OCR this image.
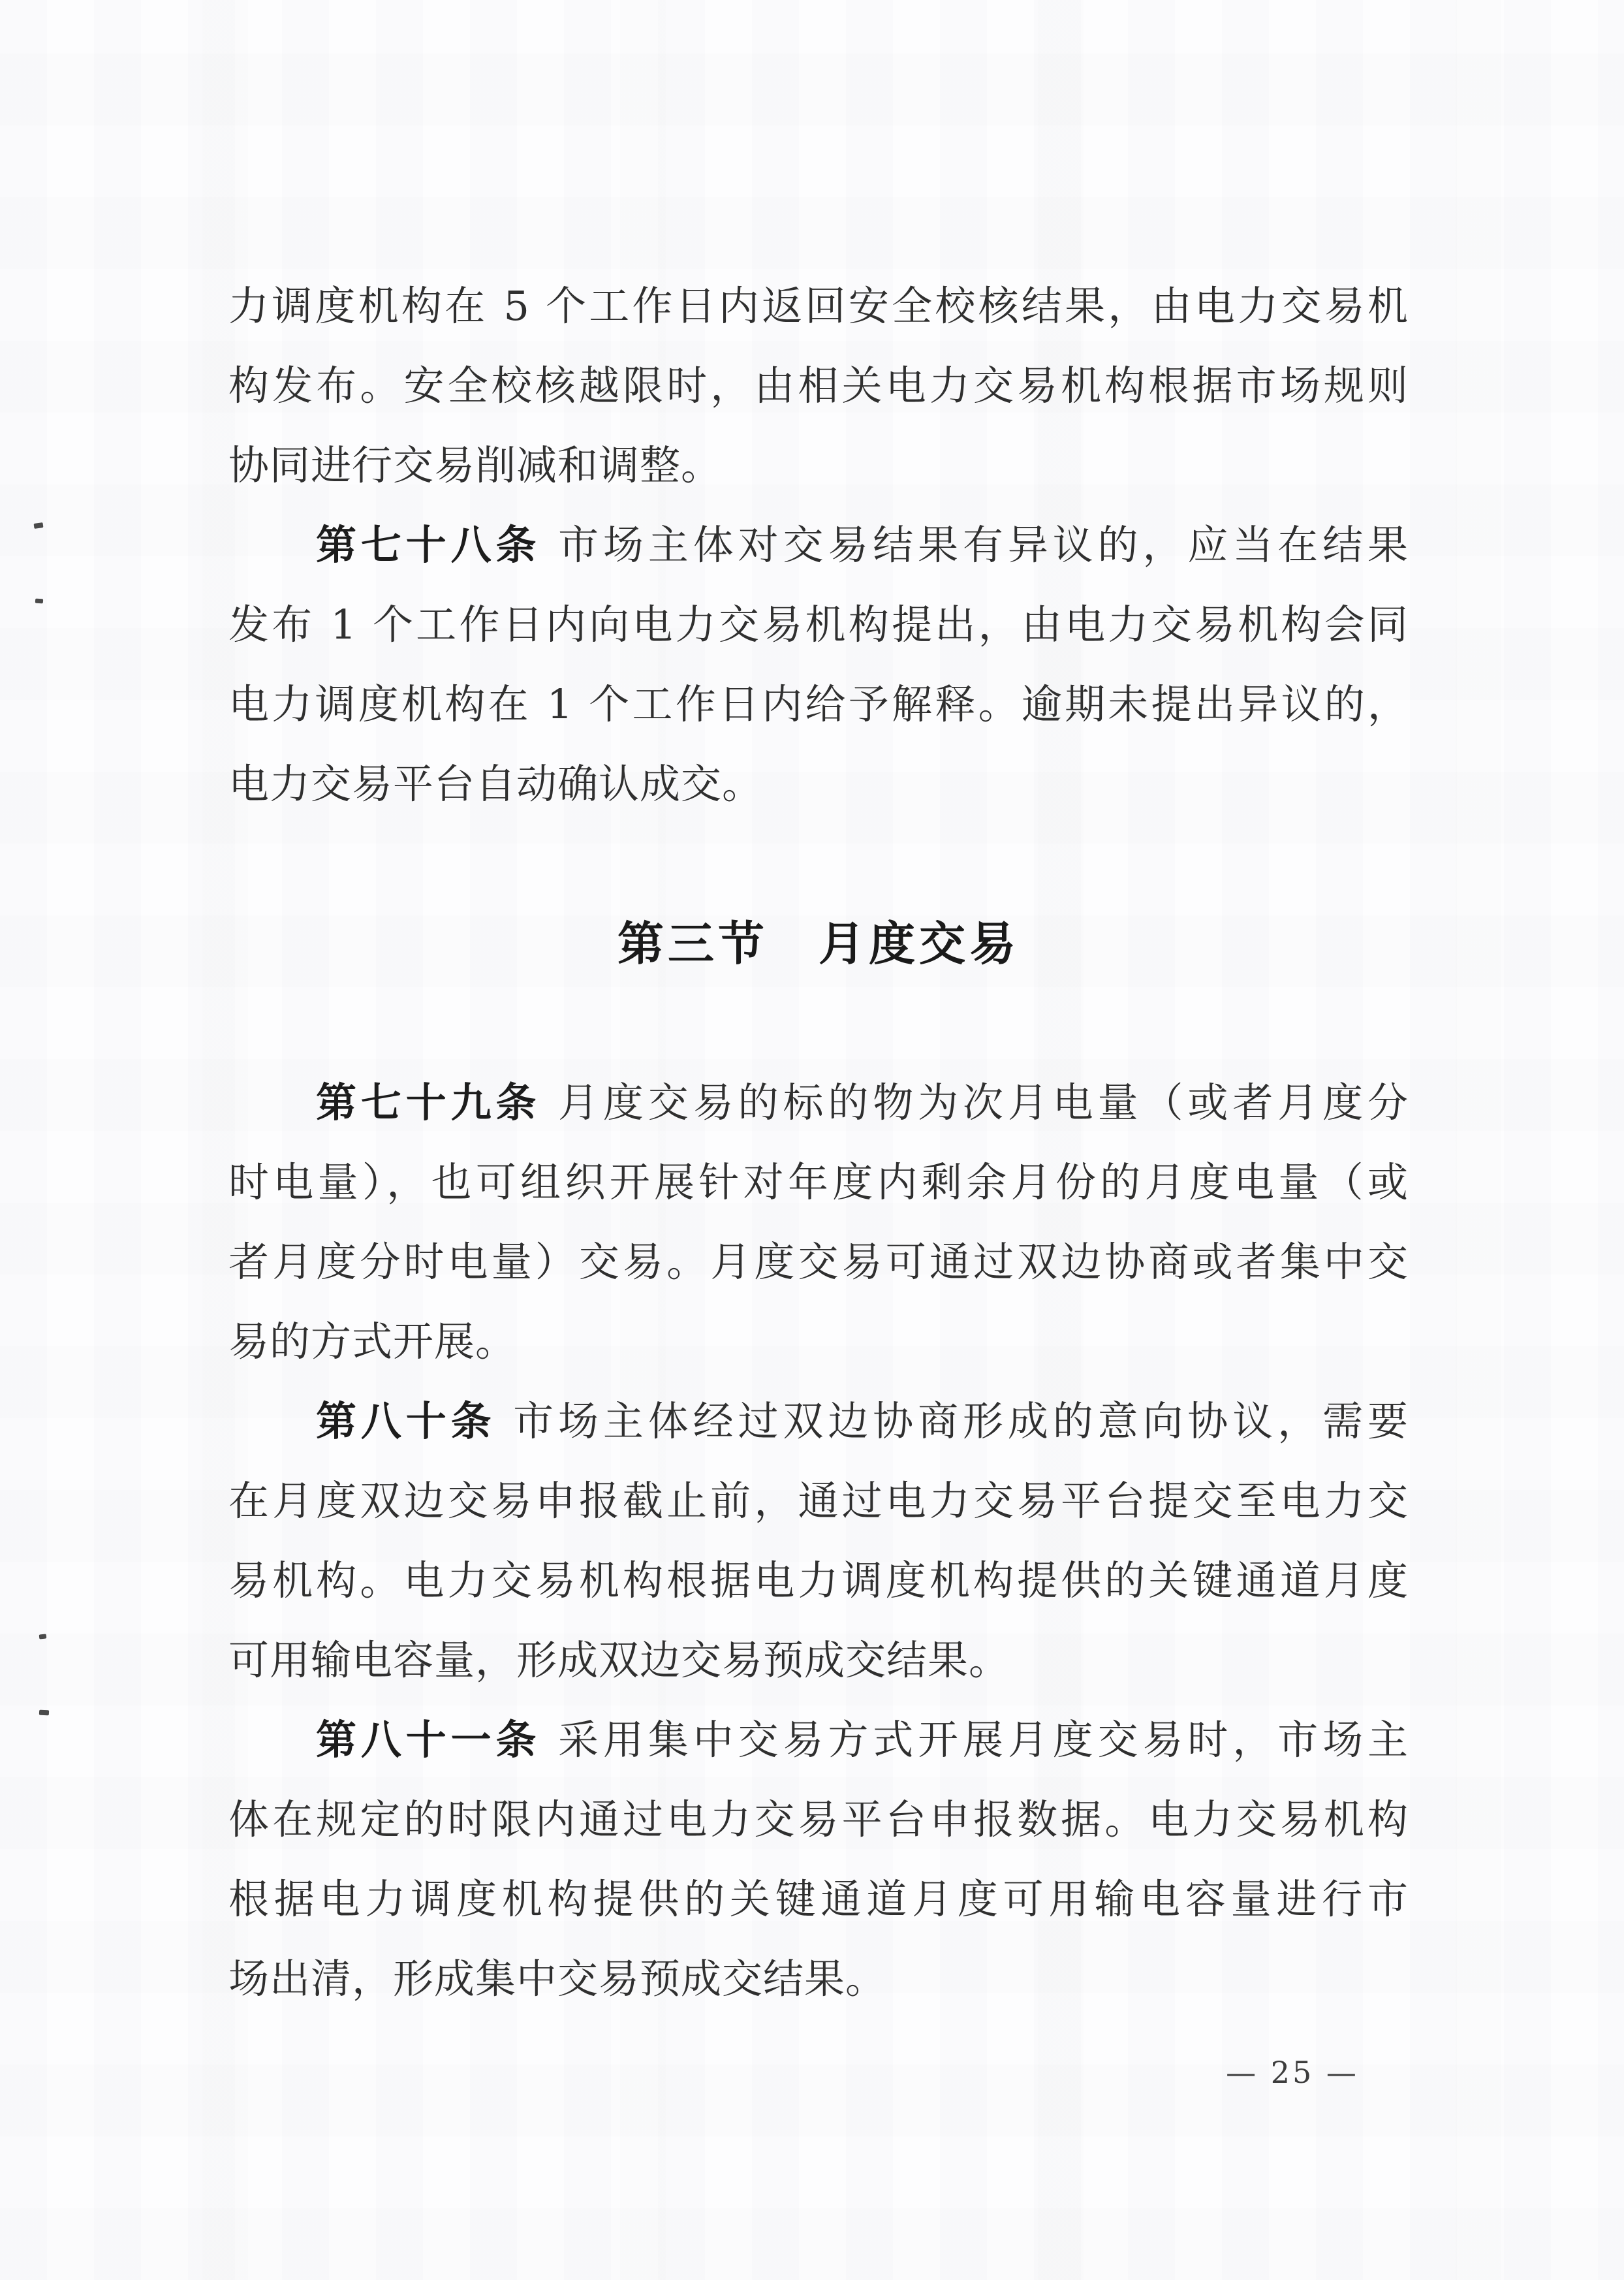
力调度机构在 5 个工作日内返回安全校核结果，由电力交易机
构发布。安全校核越限时，由相关电力交易机构根据市场规则
协同进行交易削减和调整。
第七十八条 市场主体对交易结果有异议的，应当在结果
发布 1 个工作日内向电力交易机构提出，由电力交易机构会同
电力调度机构在 1 个工作日内给予解释。逾期未提出异议的，
电力交易平台自动确认成交。
第三节　月度交易
第七十九条 月度交易的标的物为次月电量（或者月度分
时电量），也可组织开展针对年度内剩余月份的月度电量（或
者月度分时电量）交易。月度交易可通过双边协商或者集中交
易的方式开展。
第八十条 市场主体经过双边协商形成的意向协议，需要
在月度双边交易申报截止前，通过电力交易平台提交至电力交
易机构。电力交易机构根据电力调度机构提供的关键通道月度
可用输电容量，形成双边交易预成交结果。
第八十一条 采用集中交易方式开展月度交易时，市场主
体在规定的时限内通过电力交易平台申报数据。电力交易机构
根据电力调度机构提供的关键通道月度可用输电容量进行市
场出清，形成集中交易预成交结果。
— 25 —
